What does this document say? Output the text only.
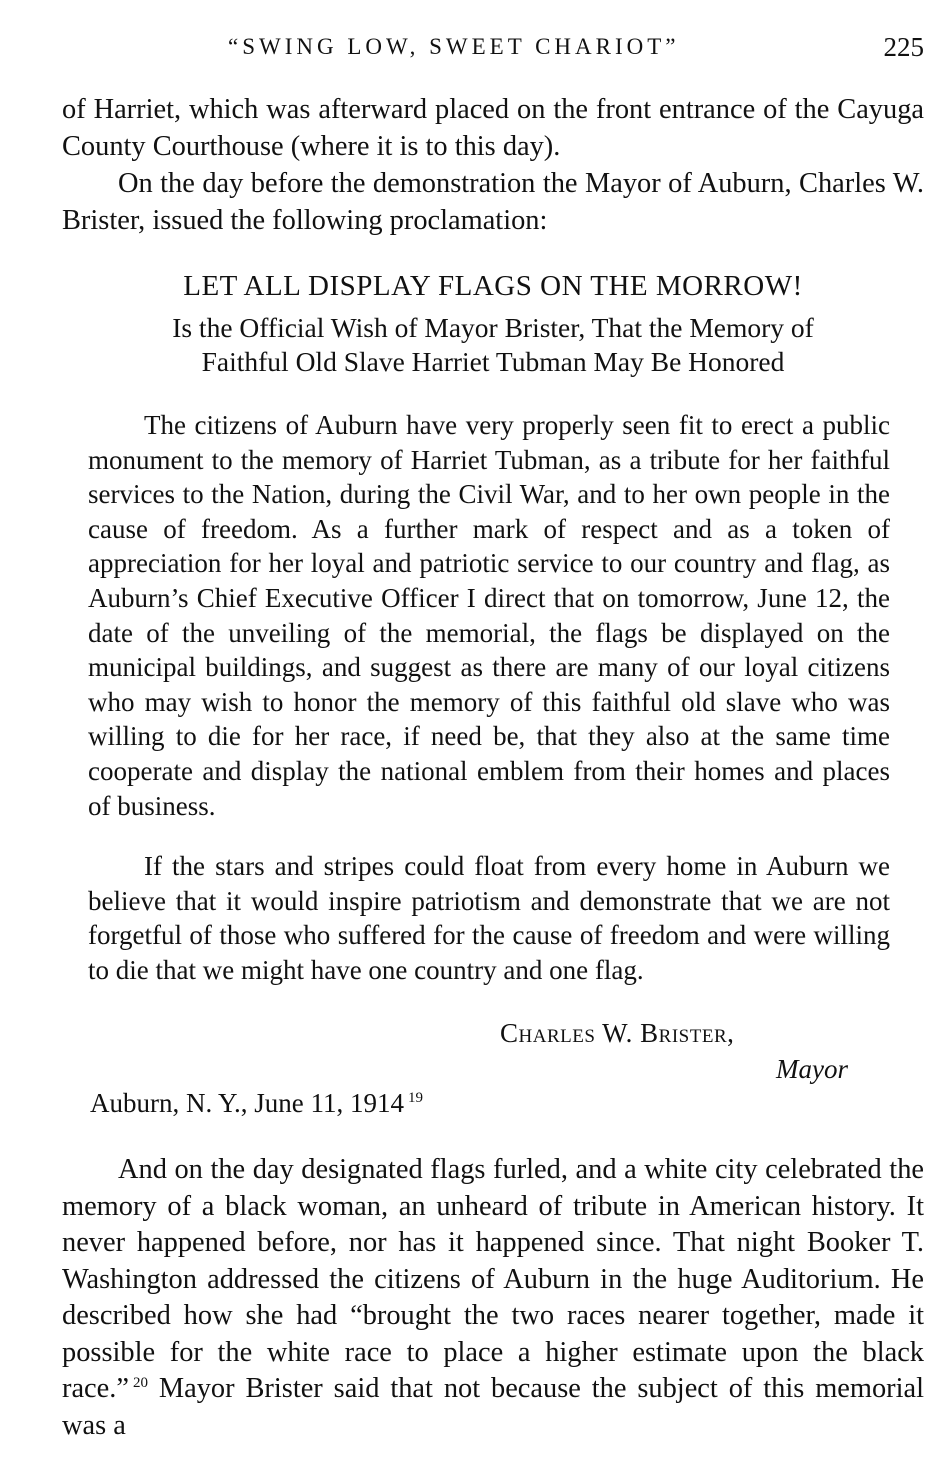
“SWING LOW, SWEET CHARIOT”	225

of Harriet, which was afterward placed on the front entrance of the Cayuga County Courthouse (where it is to this day).

On the day before the demonstration the Mayor of Auburn, Charles W. Brister, issued the following proclamation:

LET ALL DISPLAY FLAGS ON THE MORROW!

Is the Official Wish of Mayor Brister, That the Memory of

Faithful Old Slave Harriet Tubman May Be Honored

The citizens of Auburn have very properly seen fit to erect a public monument to the memory of Harriet Tubman, as a tribute for her faithful services to the Nation, during the Civil War, and to her own people in the cause of freedom. As a further mark of respect and as a token of appreciation for her loyal and patriotic service to our country and flag, as Auburn’s Chief Executive Officer I direct that on tomorrow, June 12, the date of the unveiling of the memorial, the flags be displayed on the municipal buildings, and suggest as there are many of our loyal citizens who may wish to honor the memory of this faithful old slave who was willing to die for her race, if need be, that they also at the same time cooperate and display the national emblem from their homes and places of business.

If the stars and stripes could float from every home in Auburn we believe that it would inspire patriotism and demonstrate that we are not forgetful of those who suffered for the cause of freedom and were willing to die that we might have one country and one flag.

Charles W. Brister,
Mayor
Auburn, N. Y., June 11, 1914 $^{19}$

And on the day designated flags furled, and a white city celebrated the memory of a black woman, an unheard of tribute in American history. It never happened before, nor has it happened since. That night Booker T. Washington addressed the citizens of Auburn in the huge Auditorium. He described how she had “brought the two races nearer together, made it possible for the white race to place a higher estimate upon the black race.” $^{20}$ Mayor Brister said that not because the subject of this memorial was a
